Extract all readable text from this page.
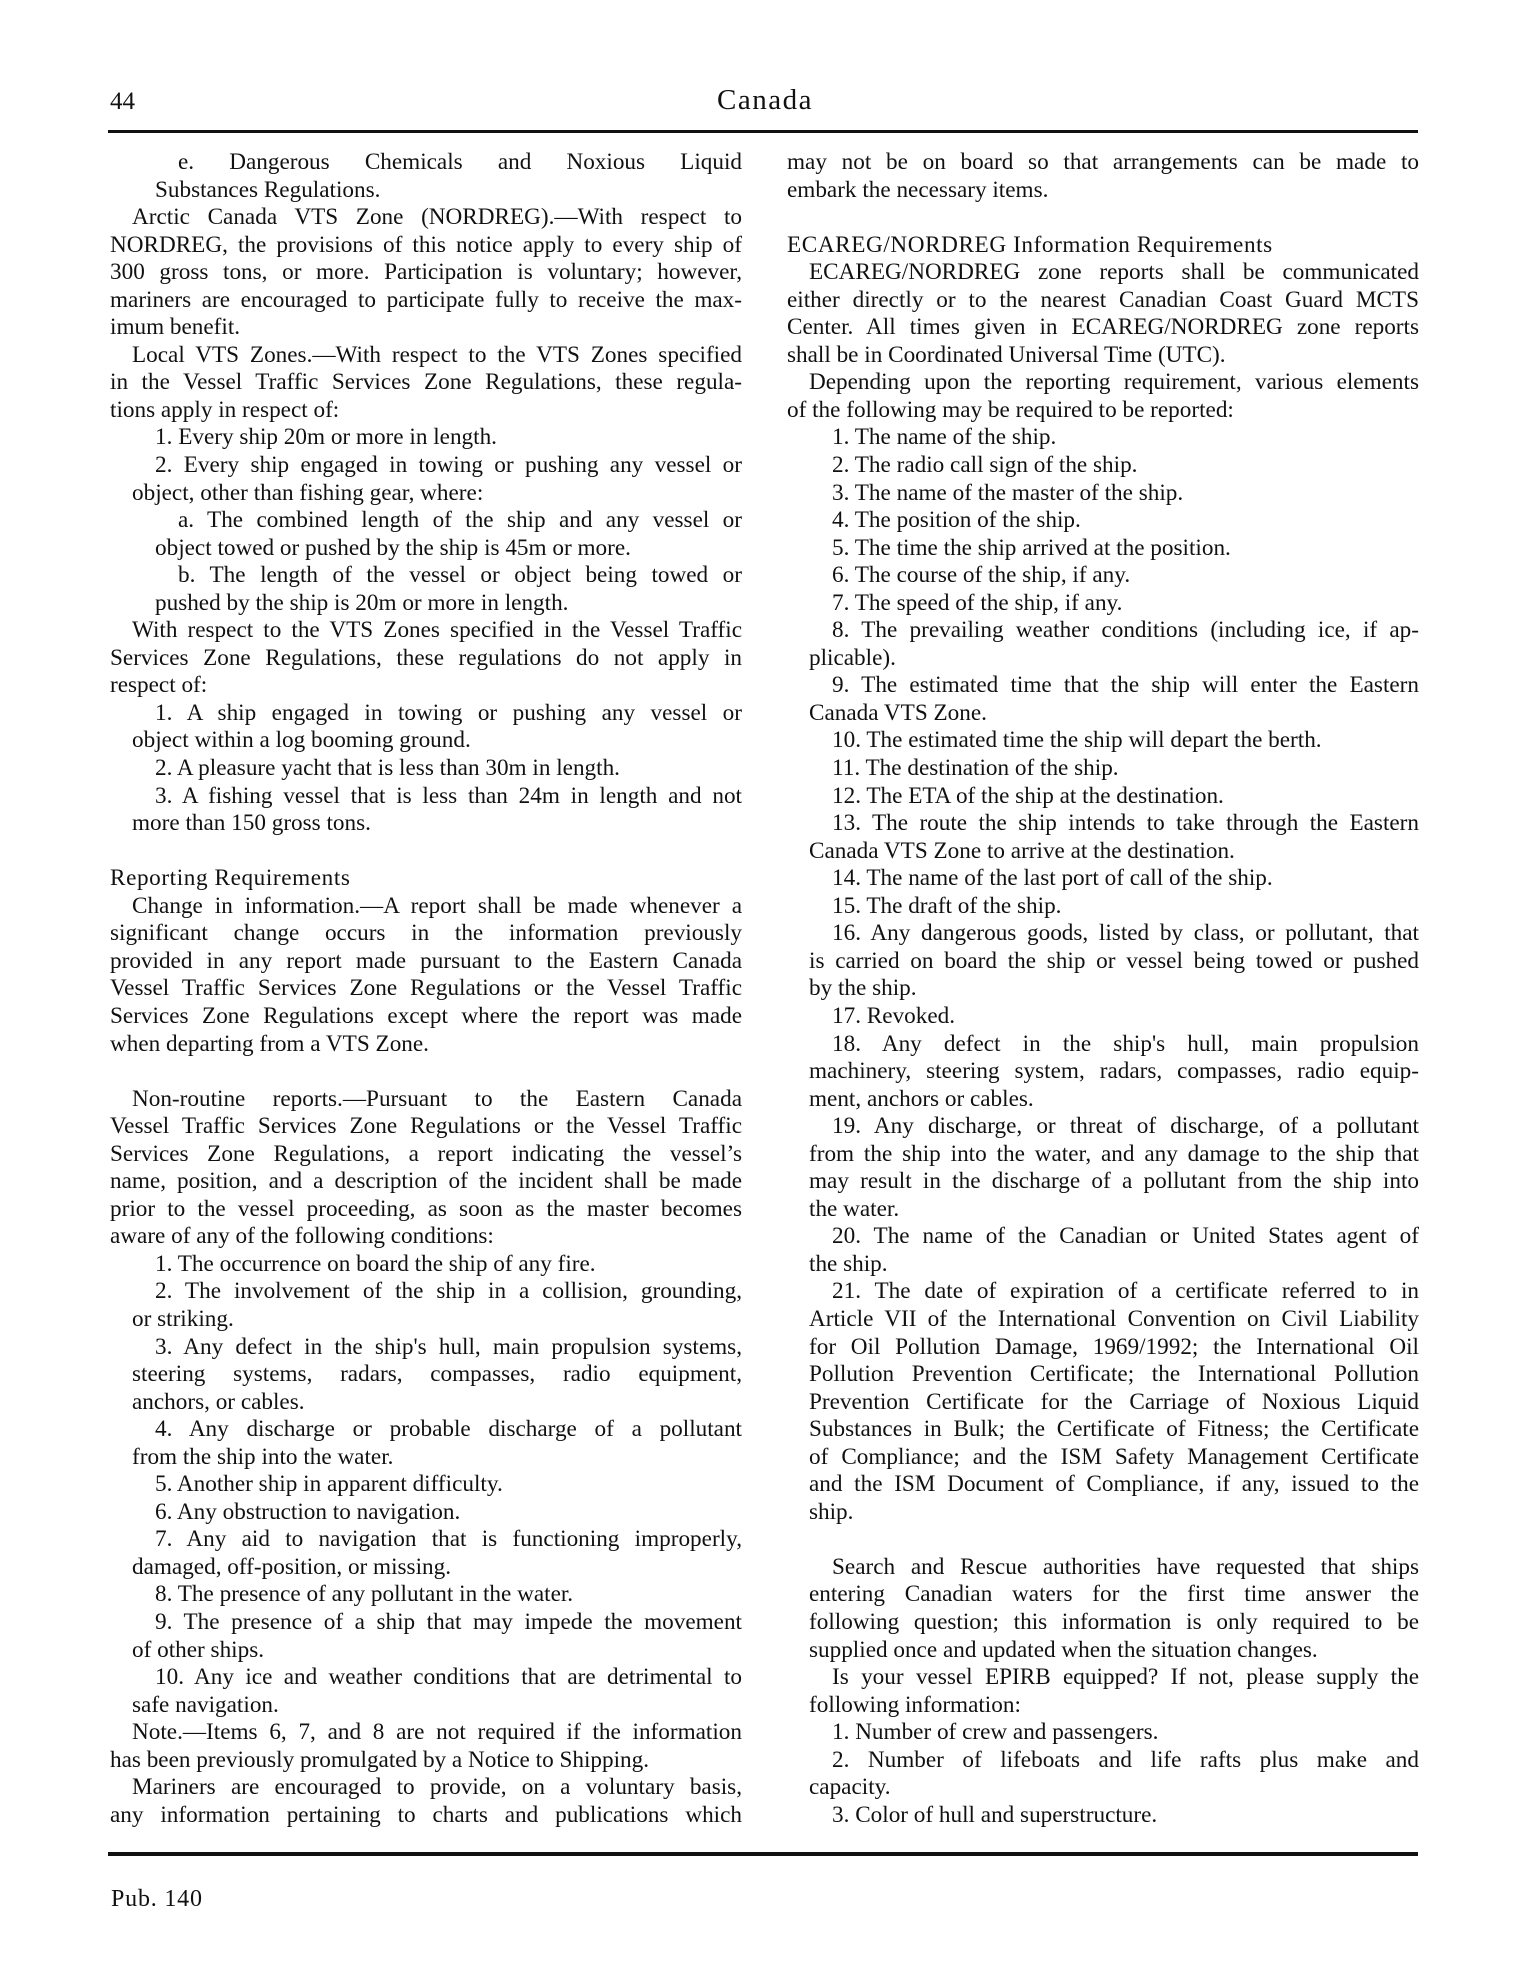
44	Canada
e. Dangerous Chemicals and Noxious Liquid
Substances Regulations.
Arctic Canada VTS Zone (NORDREG).—With respect to
NORDREG, the provisions of this notice apply to every ship of
300 gross tons, or more. Participation is voluntary; however,
mariners are encouraged to participate fully to receive the max-
imum benefit.
Local VTS Zones.—With respect to the VTS Zones specified
in the Vessel Traffic Services Zone Regulations, these regula-
tions apply in respect of:
1. Every ship 20m or more in length.
2. Every ship engaged in towing or pushing any vessel or
object, other than fishing gear, where:
a. The combined length of the ship and any vessel or
object towed or pushed by the ship is 45m or more.
b. The length of the vessel or object being towed or
pushed by the ship is 20m or more in length.
With respect to the VTS Zones specified in the Vessel Traffic
Services Zone Regulations, these regulations do not apply in
respect of:
1. A ship engaged in towing or pushing any vessel or
object within a log booming ground.
2. A pleasure yacht that is less than 30m in length.
3. A fishing vessel that is less than 24m in length and not
more than 150 gross tons.
Reporting Requirements
Change in information.—A report shall be made whenever a
significant change occurs in the information previously
provided in any report made pursuant to the Eastern Canada
Vessel Traffic Services Zone Regulations or the Vessel Traffic
Services Zone Regulations except where the report was made
when departing from a VTS Zone.
Non-routine reports.—Pursuant to the Eastern Canada
Vessel Traffic Services Zone Regulations or the Vessel Traffic
Services Zone Regulations, a report indicating the vessel’s
name, position, and a description of the incident shall be made
prior to the vessel proceeding, as soon as the master becomes
aware of any of the following conditions:
1. The occurrence on board the ship of any fire.
2. The involvement of the ship in a collision, grounding,
or striking.
3. Any defect in the ship's hull, main propulsion systems,
steering systems, radars, compasses, radio equipment,
anchors, or cables.
4. Any discharge or probable discharge of a pollutant
from the ship into the water.
5. Another ship in apparent difficulty.
6. Any obstruction to navigation.
7. Any aid to navigation that is functioning improperly,
damaged, off-position, or missing.
8. The presence of any pollutant in the water.
9. The presence of a ship that may impede the movement
of other ships.
10. Any ice and weather conditions that are detrimental to
safe navigation.
Note.—Items 6, 7, and 8 are not required if the information
has been previously promulgated by a Notice to Shipping.
Mariners are encouraged to provide, on a voluntary basis,
any information pertaining to charts and publications which
may not be on board so that arrangements can be made to
embark the necessary items.
ECAREG/NORDREG Information Requirements
ECAREG/NORDREG zone reports shall be communicated
either directly or to the nearest Canadian Coast Guard MCTS
Center. All times given in ECAREG/NORDREG zone reports
shall be in Coordinated Universal Time (UTC).
Depending upon the reporting requirement, various elements
of the following may be required to be reported:
1. The name of the ship.
2. The radio call sign of the ship.
3. The name of the master of the ship.
4. The position of the ship.
5. The time the ship arrived at the position.
6. The course of the ship, if any.
7. The speed of the ship, if any.
8. The prevailing weather conditions (including ice, if ap-
plicable).
9. The estimated time that the ship will enter the Eastern
Canada VTS Zone.
10. The estimated time the ship will depart the berth.
11. The destination of the ship.
12. The ETA of the ship at the destination.
13. The route the ship intends to take through the Eastern
Canada VTS Zone to arrive at the destination.
14. The name of the last port of call of the ship.
15. The draft of the ship.
16. Any dangerous goods, listed by class, or pollutant, that
is carried on board the ship or vessel being towed or pushed
by the ship.
17. Revoked.
18. Any defect in the ship's hull, main propulsion
machinery, steering system, radars, compasses, radio equip-
ment, anchors or cables.
19. Any discharge, or threat of discharge, of a pollutant
from the ship into the water, and any damage to the ship that
may result in the discharge of a pollutant from the ship into
the water.
20. The name of the Canadian or United States agent of
the ship.
21. The date of expiration of a certificate referred to in
Article VII of the International Convention on Civil Liability
for Oil Pollution Damage, 1969/1992; the International Oil
Pollution Prevention Certificate; the International Pollution
Prevention Certificate for the Carriage of Noxious Liquid
Substances in Bulk; the Certificate of Fitness; the Certificate
of Compliance; and the ISM Safety Management Certificate
and the ISM Document of Compliance, if any, issued to the
ship.
Search and Rescue authorities have requested that ships
entering Canadian waters for the first time answer the
following question; this information is only required to be
supplied once and updated when the situation changes.
Is your vessel EPIRB equipped? If not, please supply the
following information:
1. Number of crew and passengers.
2. Number of lifeboats and life rafts plus make and
capacity.
3. Color of hull and superstructure.
Pub. 140
